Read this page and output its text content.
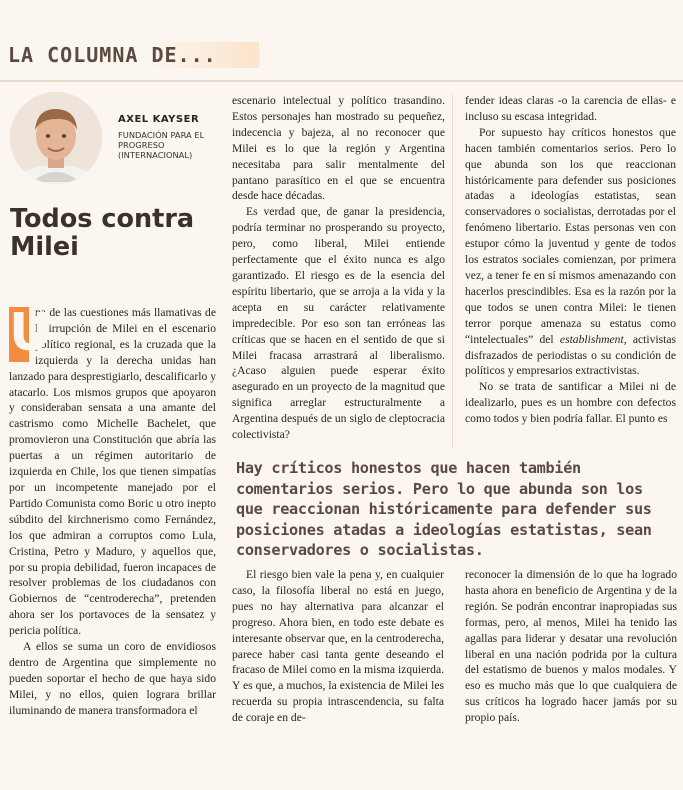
LA COLUMNA DE...
AXEL KAYSER
FUNDACIÓN PARA EL PROGRESO (INTERNACIONAL)
Todos contra Milei

U
na de las cuestiones más llamativas de la irrupción de Milei en el escenario político regional, es la cruzada que la izquierda y la derecha unidas han lanzado para desprestigiarlo, descalificarlo y atacarlo. Los mismos grupos que apoyaron y consideraban sensata a una amante del castrismo como Michelle Bachelet, que promovieron una Constitución que abría las puertas a un régimen autoritario de izquierda en Chile, los que tienen simpatías por un incompetente manejado por el Partido Comunista como Boric u otro inepto súbdito del kirchnerismo como Fernández, los que admiran a corruptos como Lula, Cristina, Petro y Maduro, y aquellos que, por su propia debilidad, fueron incapaces de resolver problemas de los ciudadanos con Gobiernos de “centroderecha”, pretenden ahora ser los portavoces de la sensatez y pericia política.

A ellos se suma un coro de envidiosos dentro de Argentina que simplemente no pueden soportar el hecho de que haya sido Milei, y no ellos, quien lograra brillar iluminando de manera transformadora el

escenario intelectual y político trasandino. Estos personajes han mostrado su pequeñez, indecencia y bajeza, al no reconocer que Milei es lo que la región y Argentina necesitaba para salir mentalmente del pantano parasítico en el que se encuentra desde hace décadas.

Es verdad que, de ganar la presidencia, podría terminar no prosperando su proyecto, pero, como liberal, Milei entiende perfectamente que el éxito nunca es algo garantizado. El riesgo es de la esencia del espíritu libertario, que se arroja a la vida y la acepta en su carácter relativamente impredecible. Por eso son tan erróneas las críticas que se hacen en el sentido de que si Milei fracasa arrastrará al liberalismo. ¿Acaso alguien puede esperar éxito asegurado en un proyecto de la magnitud que significa arreglar estructuralmente a Argentina después de un siglo de cleptocracia colectivista?

fender ideas claras -o la carencia de ellas- e incluso su escasa integridad.

Por supuesto hay críticos honestos que hacen también comentarios serios. Pero lo que abunda son los que reaccionan históricamente para defender sus posiciones atadas a ideologías estatistas, sean conservadores o socialistas, derrotadas por el fenómeno libertario. Estas personas ven con estupor cómo la juventud y gente de todos los estratos sociales comienzan, por primera vez, a tener fe en sí mismos amenazando con hacerlos prescindibles. Esa es la razón por la que todos se unen contra Milei: le tienen terror porque amenaza su estatus como “intelectuales” del establishment, activistas disfrazados de periodistas o su condición de políticos y empresarios extractivistas.

No se trata de santificar a Milei ni de idealizarlo, pues es un hombre con defectos como todos y bien podría fallar. El punto es

Hay críticos honestos que hacen también comentarios serios. Pero lo que abunda son los que reaccionan históricamente para defender sus posiciones atadas a ideologías estatistas, sean conservadores o socialistas.

El riesgo bien vale la pena y, en cualquier caso, la filosofía liberal no está en juego, pues no hay alternativa para alcanzar el progreso. Ahora bien, en todo este debate es interesante observar que, en la centroderecha, parece haber casi tanta gente deseando el fracaso de Milei como en la misma izquierda. Y es que, a muchos, la existencia de Milei les recuerda su propia intrascendencia, su falta de coraje en de-

reconocer la dimensión de lo que ha logrado hasta ahora en beneficio de Argentina y de la región. Se podrán encontrar inapropiadas sus formas, pero, al menos, Milei ha tenido las agallas para liderar y desatar una revolución liberal en una nación podrida por la cultura del estatismo de buenos y malos modales. Y eso es mucho más que lo que cualquiera de sus críticos ha logrado hacer jamás por su propio país.
